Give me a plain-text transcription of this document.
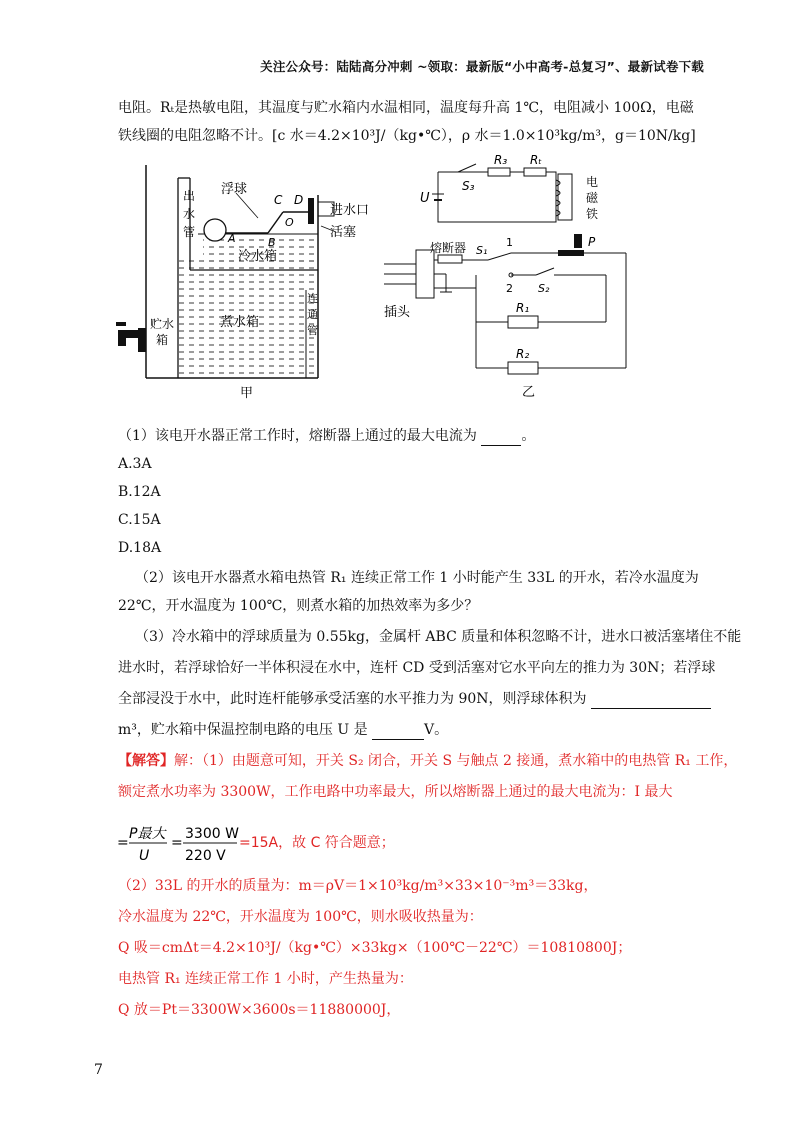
关注公众号：陆陆高分冲刺 ~领取：最新版“小中高考-总复习”、最新试卷下载
电阻。Rₜ是热敏电阻，其温度与贮水箱内水温相同，温度每升高 1℃，电阻减小 100Ω，电磁
铁线圈的电阻忽略不计。[c 水＝4.2×10³J/（kg•℃），ρ 水＝1.0×10³kg/m³，g＝10N/kg]
出
水
管
浮球
C D
A	B
O
进水口
活塞
冷水箱
煮水箱
贮水
箱
连
通
管
甲
S₃
R₃ Rₜ
U
电
磁
铁
熔断器 S₁
1
2
P
S₂
R₁
R₂
插头
乙
（1）该电开水器正常工作时，熔断器上通过的最大电流为	。
A.3A
B.12A
C.15A
D.18A
（2）该电开水器煮水箱电热管 R₁ 连续正常工作 1 小时能产生 33L 的开水，若冷水温度为
22℃，开水温度为 100℃，则煮水箱的加热效率为多少？
（3）冷水箱中的浮球质量为 0.55kg，金属杆 ABC 质量和体积忽略不计，进水口被活塞堵住不能
进水时，若浮球恰好一半体积浸在水中，连杆 CD 受到活塞对它水平向左的推力为 30N；若浮球
全部浸没于水中，此时连杆能够承受活塞的水平推力为 90N，则浮球体积为
m³，贮水箱中保温控制电路的电压 U 是	V。
【解答】解：（1）由题意可知，开关 S₂ 闭合，开关 S 与触点 2 接通，煮水箱中的电热管 R₁ 工作，
额定煮水功率为 3300W，工作电路中功率最大，所以熔断器上通过的最大电流为：I 最大
=
P最大
U
=
3300 W
220 V
=15A，故 C 符合题意；
（2）33L 的开水的质量为：m＝ρV＝1×10³kg/m³×33×10⁻³m³＝33kg，
冷水温度为 22℃，开水温度为 100℃，则水吸收热量为：
Q 吸＝cmΔt＝4.2×10³J/（kg•℃）×33kg×（100℃－22℃）＝10810800J；
电热管 R₁ 连续正常工作 1 小时，产生热量为：
Q 放＝Pt＝3300W×3600s＝11880000J，
7
